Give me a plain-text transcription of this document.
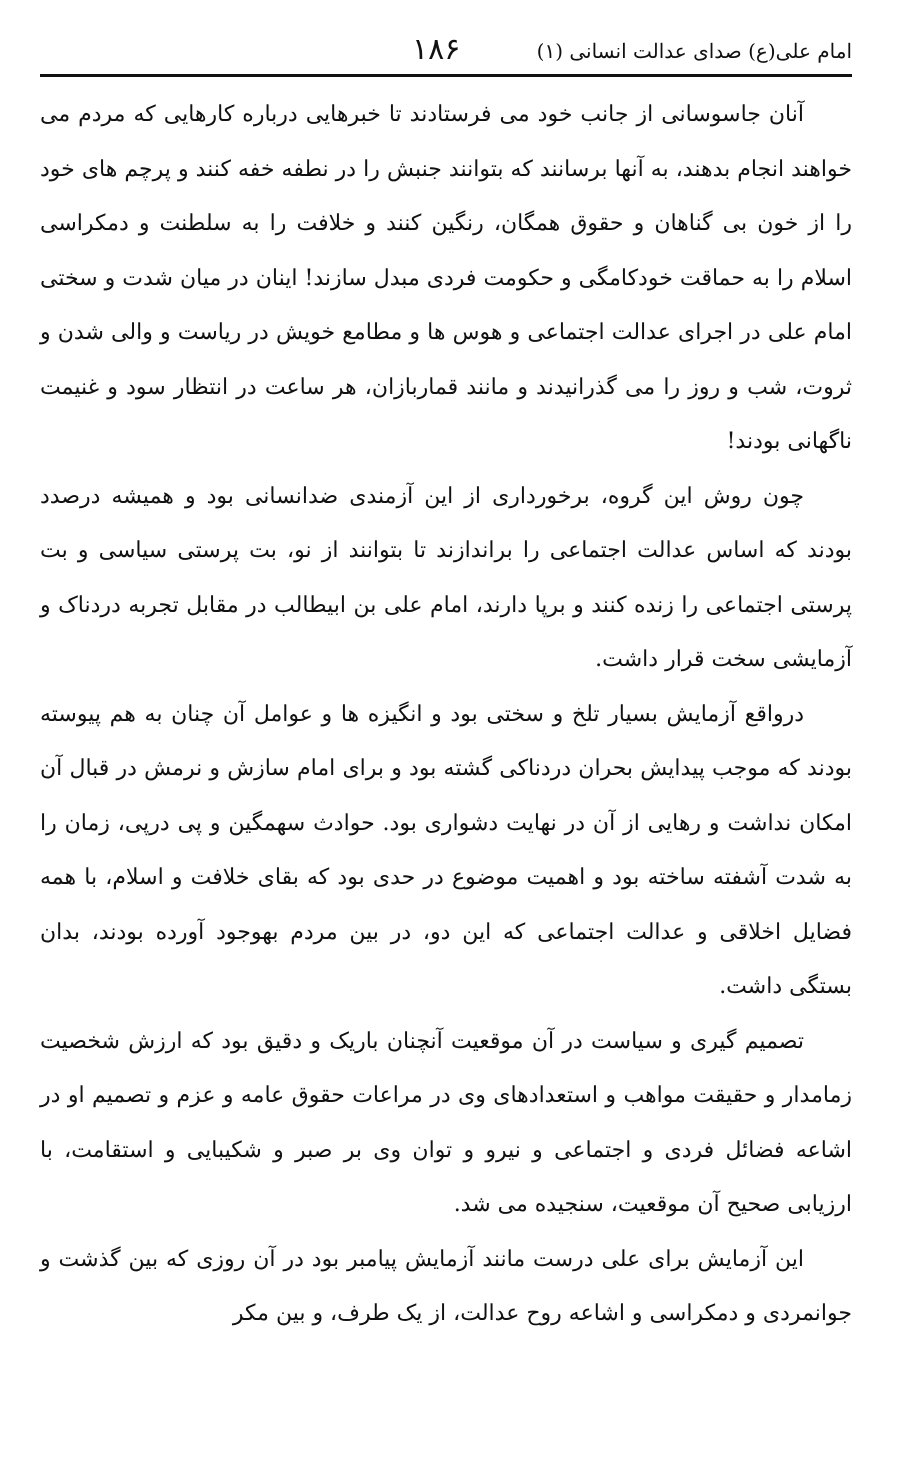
امام علی(ع) صدای عدالت انسانی (۱)
۱۸۶

آنان جاسوسانی از جانب خود می فرستادند تا خبرهایی درباره کارهایی که مردم می خواهند انجام بدهند، به آنها برسانند که بتوانند جنبش را در نطفه خفه کنند و پرچم های خود را از خون بی گناهان و حقوق همگان، رنگین کنند و خلافت را به سلطنت و دمکراسی اسلام را به حماقت خودکامگی و حکومت فردی مبدل سازند! اینان در میان شدت و سختی امام علی در اجرای عدالت اجتماعی و هوس ها و مطامع خویش در ریاست و والی شدن و ثروت، شب و روز را می گذرانیدند و مانند قماربازان، هر ساعت در انتظار سود و غنیمت ناگهانی بودند!

چون روش این گروه، برخورداری از این آزمندی ضدانسانی بود و همیشه درصدد بودند که اساس عدالت اجتماعی را براندازند تا بتوانند از نو، بت پرستی سیاسی و بت پرستی اجتماعی را زنده کنند و برپا دارند، امام علی بن ابیطالب در مقابل تجربه دردناک و آزمایشی سخت قرار داشت.

درواقع آزمایش بسیار تلخ و سختی بود و انگیزه ها و عوامل آن چنان به هم پیوسته بودند که موجب پیدایش بحران دردناکی گشته بود و برای امام سازش و نرمش در قبال آن امکان نداشت و رهایی از آن در نهایت دشواری بود. حوادث سهمگین و پی درپی، زمان را به شدت آشفته ساخته بود و اهمیت موضوع در حدی بود که بقای خلافت و اسلام، با همه فضایل اخلاقی و عدالت اجتماعی که این دو، در بین مردم بهوجود آورده بودند، بدان بستگی داشت.

تصمیم گیری و سیاست در آن موقعیت آنچنان باریک و دقیق بود که ارزش شخصیت زمامدار و حقیقت مواهب و استعدادهای وی در مراعات حقوق عامه و عزم و تصمیم او در اشاعه فضائل فردی و اجتماعی و نیرو و توان وی بر صبر و شکیبایی و استقامت، با ارزیابی صحیح آن موقعیت، سنجیده می شد.

این آزمایش برای علی درست مانند آزمایش پیامبر بود در آن روزی که بین گذشت و جوانمردی و دمکراسی و اشاعه روح عدالت، از یک طرف، و بین مکر
